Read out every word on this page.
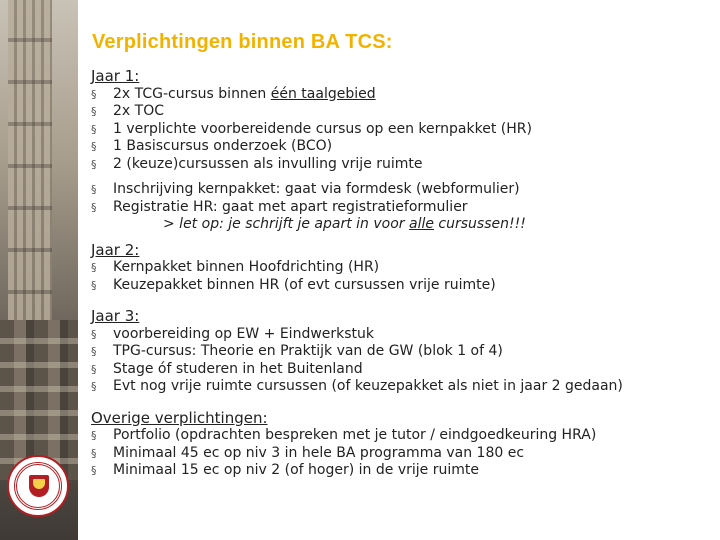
Verplichtingen binnen BA TCS:
Jaar 1:
§ 2x TCG-cursus binnen één taalgebied
§ 2x TOC
§ 1 verplichte voorbereidende cursus op een kernpakket (HR)
§ 1 Basiscursus onderzoek (BCO)
§ 2 (keuze)cursussen als invulling vrije ruimte
§ Inschrijving kernpakket: gaat via formdesk (webformulier)
§ Registratie HR: gaat met apart registratieformulier
> let op: je schrijft je apart in voor alle cursussen!!!
Jaar 2:
§ Kernpakket binnen Hoofdrichting (HR)
§ Keuzepakket binnen HR (of evt cursussen vrije ruimte)
Jaar 3:
§ voorbereiding op EW + Eindwerkstuk
§ TPG-cursus: Theorie en Praktijk van de GW (blok 1 of 4)
§ Stage óf studeren in het Buitenland
§ Evt nog vrije ruimte cursussen (of keuzepakket als niet in jaar 2 gedaan)
Overige verplichtingen:
§ Portfolio (opdrachten bespreken met je tutor / eindgoedkeuring HRA)
§ Minimaal 45 ec op niv 3 in hele BA programma van 180 ec
§ Minimaal 15 ec op niv 2 (of hoger) in de vrije ruimte
